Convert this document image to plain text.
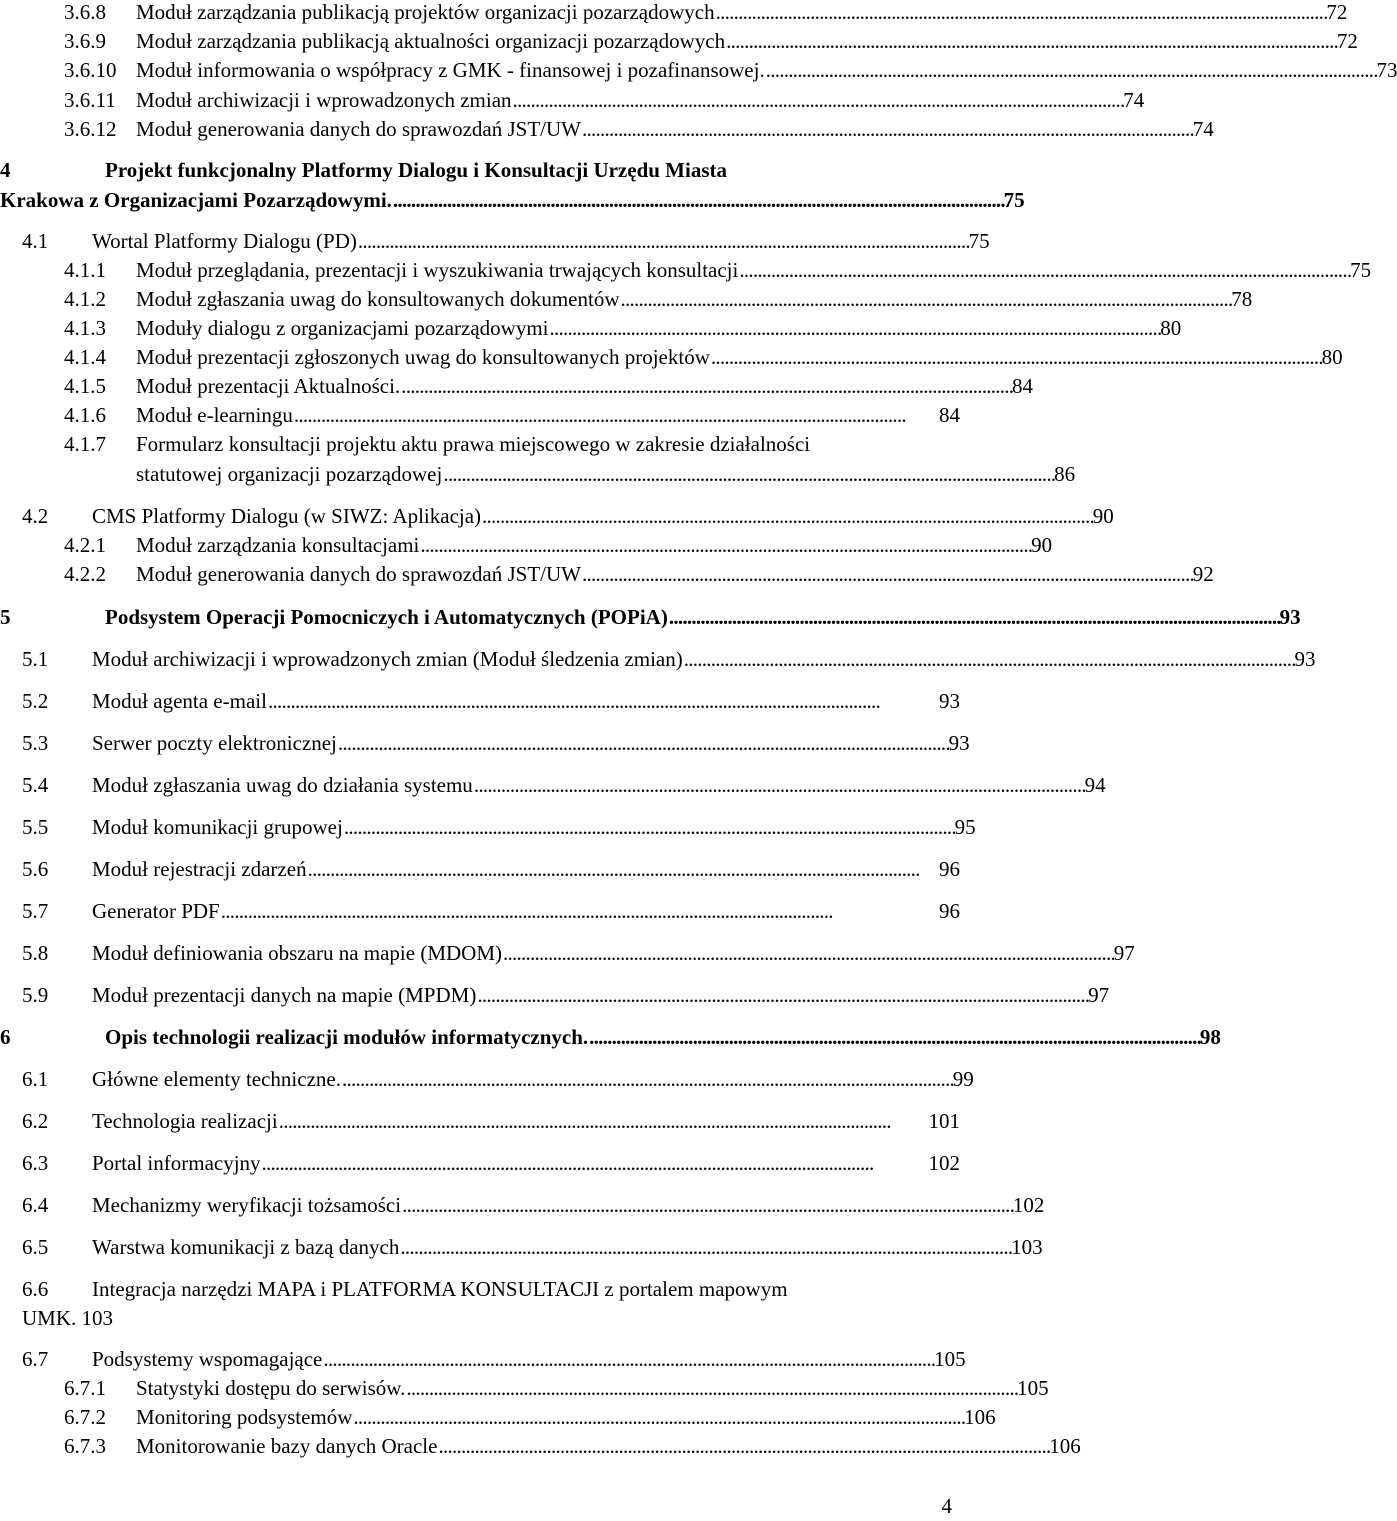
3.6.8	Moduł zarządzania publikacją projektów organizacji pozarządowych . . .	72
3.6.9	Moduł zarządzania publikacją aktualności organizacji pozarządowych . . .	72
3.6.10 Moduł informowania o współpracy z GMK - finansowej i pozafinansowej. . . .	73
3.6.11 Moduł archiwizacji i wprowadzonych zmian . . .	74
3.6.12 Moduł generowania danych do sprawozdań JST/UW . . .	74
4	Projekt funkcjonalny Platformy Dialogu i Konsultacji Urzędu Miasta
Krakowa z Organizacjami Pozarządowymi. . . .	75
4.1	Wortal Platformy Dialogu (PD) . . .	75
4.1.1	Moduł przeglądania, prezentacji i wyszukiwania trwających konsultacji . . .	75
4.1.2	Moduł zgłaszania uwag do konsultowanych dokumentów . . .	78
4.1.3	Moduły dialogu z organizacjami pozarządowymi . . .	80
4.1.4	Moduł prezentacji zgłoszonych uwag do konsultowanych projektów . . .	80
4.1.5	Moduł prezentacji Aktualności. . . .	84
4.1.6	Moduł e-learningu . . .	84
4.1.7 Formularz konsultacji projektu aktu prawa miejscowego w zakresie działalności
statutowej organizacji pozarządowej . . .	86
4.2	CMS Platformy Dialogu (w SIWZ: Aplikacja) . . .	90
4.2.1	Moduł zarządzania konsultacjami . . .	90
4.2.2	Moduł generowania danych do sprawozdań JST/UW . . .	92
5	Podsystem Operacji Pomocniczych i Automatycznych (POPiA) . . .	93
5.1	Moduł archiwizacji i wprowadzonych zmian (Moduł śledzenia zmian) . . .	93
5.2	Moduł agenta e-mail . . .	93
5.3	Serwer poczty elektronicznej . . .	93
5.4	Moduł zgłaszania uwag do działania systemu . . .	94
5.5	Moduł komunikacji grupowej . . .	95
5.6	Moduł rejestracji zdarzeń . . .	96
5.7	Generator PDF . . .	96
5.8	Moduł definiowania obszaru na mapie (MDOM) . . .	97
5.9	Moduł prezentacji danych na mapie (MPDM) . . .	97
6	Opis technologii realizacji modułów informatycznych. . . .	98
6.1	Główne elementy techniczne. . . .	99
6.2	Technologia realizacji . . .	101
6.3	Portal informacyjny . . .	102
6.4	Mechanizmy weryfikacji tożsamości . . .	102
6.5	Warstwa komunikacji z bazą danych . . .	103
6.6 Integracja narzędzi MAPA i PLATFORMA KONSULTACJI z portalem mapowym
UMK. 103
6.7	Podsystemy wspomagające . . .	105
6.7.1	Statystyki dostępu do serwisów. . . .	105
6.7.2	Monitoring podsystemów . . .	106
6.7.3	Monitorowanie bazy danych Oracle . . .	106
4
